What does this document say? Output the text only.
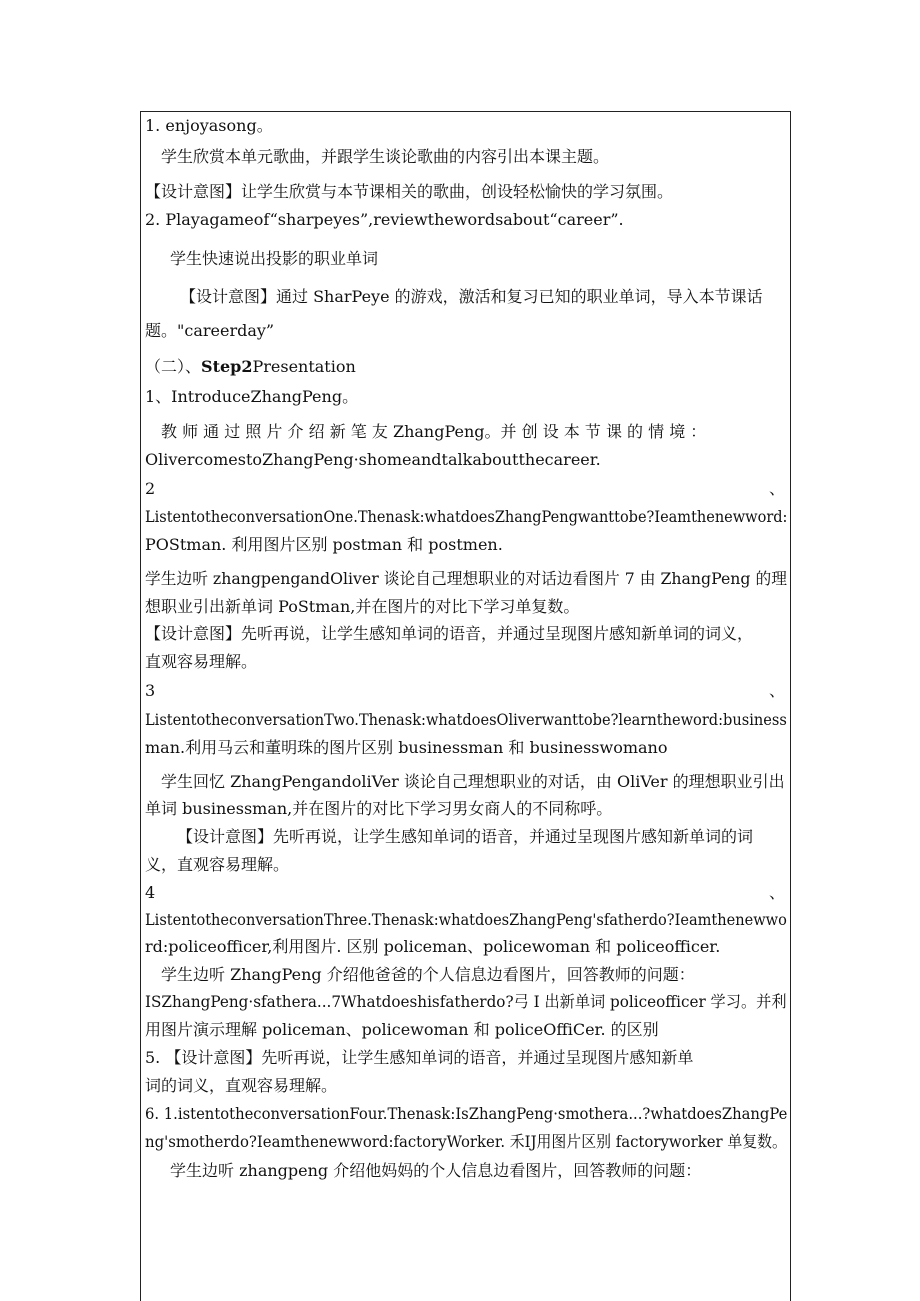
1. enjoyasong。
学生欣赏本单元歌曲，并跟学生谈论歌曲的内容引出本课主题。
【设计意图】让学生欣赏与本节课相关的歌曲，创设轻松愉快的学习氛围。
2. Playagameof“sharpeyes”,reviewthewordsabout“career”.
学生快速说出投影的职业单词
【设计意图】通过 SharPeye 的游戏，激活和复习已知的职业单词，导入本节课话
题。"careerday”
（二）、Step2Presentation
1、IntroduceZhangPeng。
教 师 通 过 照 片 介 绍 新 笔 友 ZhangPeng。并 创 设 本 节 课 的 情 境 ：
OlivercomestoZhangPeng·shomeandtalkaboutthecareer.
2	、
ListentotheconversationOne.Thenask:whatdoesZhangPengwanttobe?Ieamthenewword:
POStman. 利用图片区别 postman 和 postmen.
学生边听 zhangpengandOliver 谈论自己理想职业的对话边看图片 7 由 ZhangPeng 的理
想职业引出新单词 PoStman,并在图片的对比下学习单复数。
【设计意图】先听再说，让学生感知单词的语音，并通过呈现图片感知新单词的词义，
直观容易理解。
3	、
ListentotheconversationTwo.Thenask:whatdoesOliverwanttobe?learntheword:business
man.利用马云和董明珠的图片区别 businessman 和 businesswomano
学生回忆 ZhangPengandoliVer 谈论自己理想职业的对话，由 OliVer 的理想职业引出
单词 businessman,并在图片的对比下学习男女商人的不同称呼。
【设计意图】先听再说，让学生感知单词的语音，并通过呈现图片感知新单词的词
义，直观容易理解。
4	、
ListentotheconversationThree.Thenask:whatdoesZhangPeng'sfatherdo?Ieamthenewwo
rd:policeofficer,利用图片. 区别 policeman、policewoman 和 policeofficer.
学生边听 ZhangPeng 介绍他爸爸的个人信息边看图片，回答教师的问题：
ISZhangPeng·sfathera...7Whatdoeshisfatherdo?弓 I 出新单词 policeofficer 学习。并利
用图片演示理解 policeman、policewoman 和 policeOffiCer. 的区别
5. 【设计意图】先听再说，让学生感知单词的语音，并通过呈现图片感知新单
词的词义，直观容易理解。
6. 1.istentotheconversationFour.Thenask:IsZhangPeng·smothera...?whatdoesZhangPe
ng'smotherdo?Ieamthenewword:factoryWorker. 禾IJ用图片区别 factoryworker 单复数。
学生边听 zhangpeng 介绍他妈妈的个人信息边看图片，回答教师的问题：
